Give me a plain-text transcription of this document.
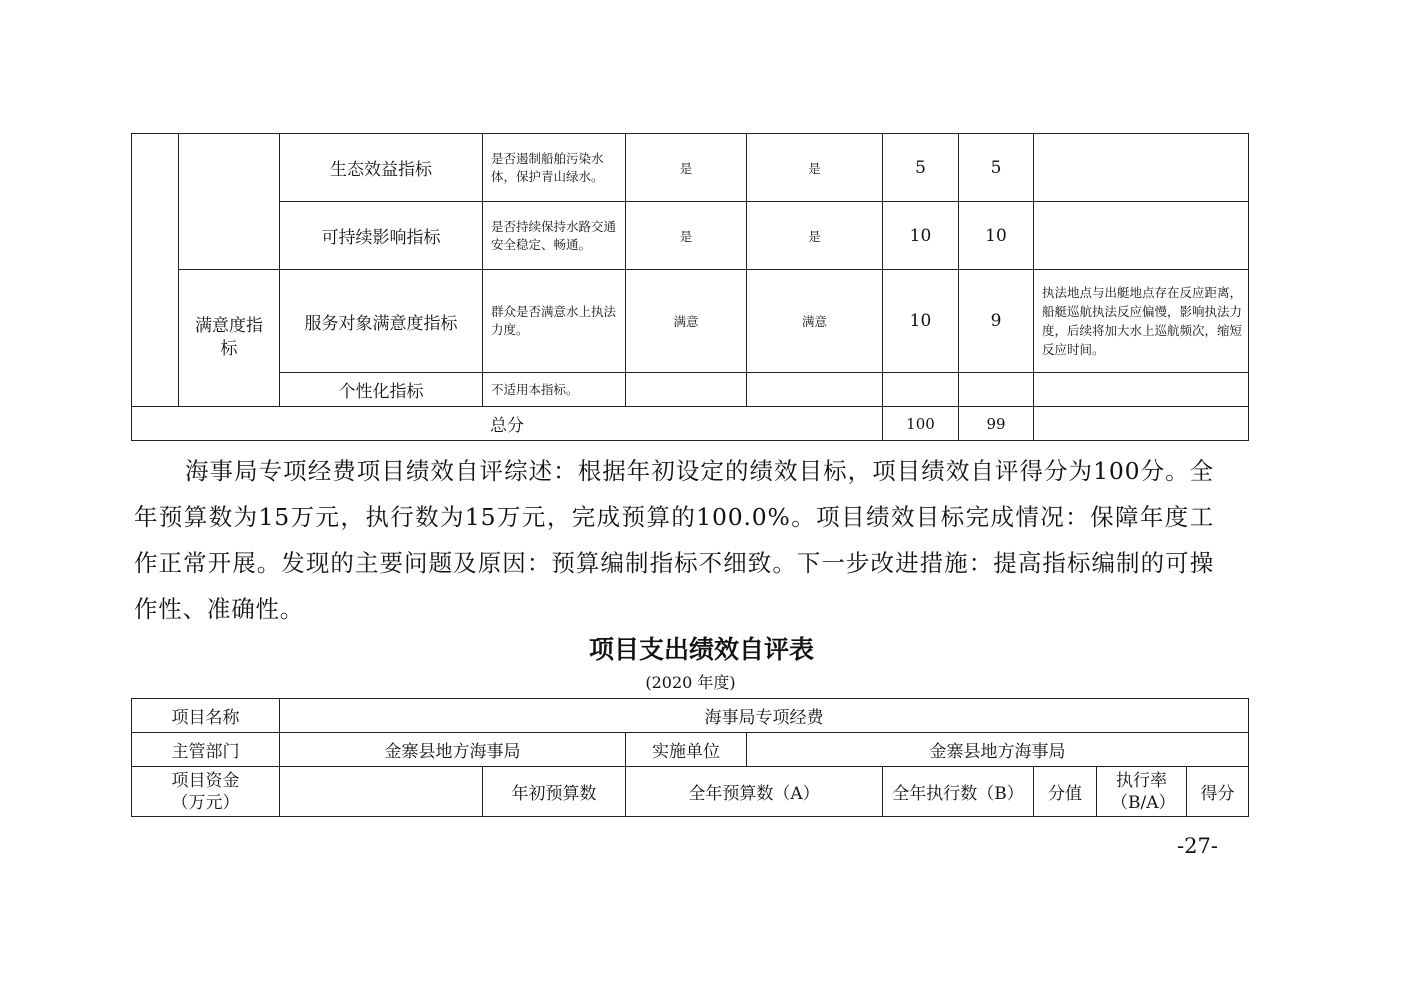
		生态效益指标	是否遏制船舶污染水体，保护青山绿水。	是	是	5	5	
		可持续影响指标	是否持续保持水路交通安全稳定、畅通。	是	是	10	10	
	满意度指标	服务对象满意度指标	群众是否满意水上执法力度。	满意	满意	10	9	执法地点与出艇地点存在反应距离，船艇巡航执法反应偏慢，影响执法力度，后续将加大水上巡航频次，缩短反应时间。
		个性化指标	不适用本指标。					
总分						100	99	
海事局专项经费项目绩效自评综述：根据年初设定的绩效目标，项目绩效自评得分为100分。全年预算数为15万元，执行数为15万元，完成预算的100.0%。项目绩效目标完成情况：保障年度工作正常开展。发现的主要问题及原因：预算编制指标不细致。下一步改进措施：提高指标编制的可操作性、准确性。
项目支出绩效自评表
(2020 年度)
项目名称	海事局专项经费							
主管部门	金寨县地方海事局		实施单位	金寨县地方海事局				
项目资金（万元）		年初预算数	全年预算数（A）		全年执行数（B）	分值	执行率（B/A）	得分
-27-
